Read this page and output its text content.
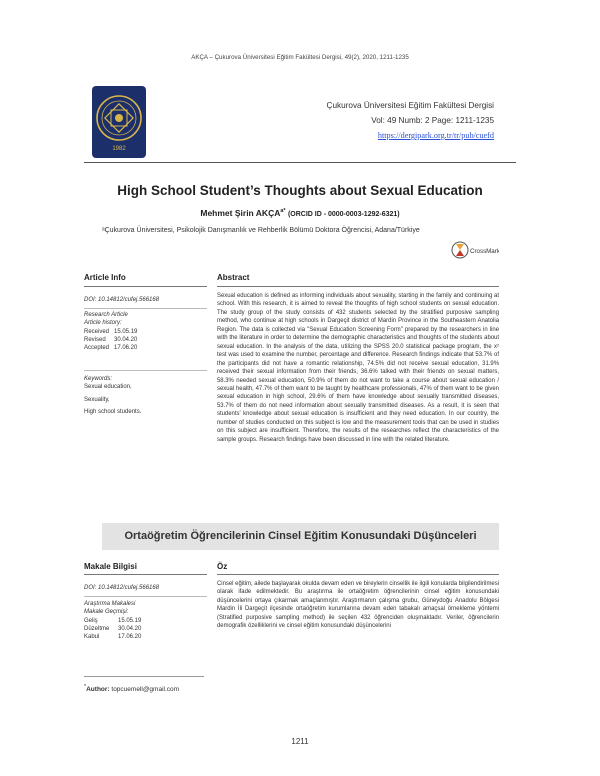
AKÇA – Çukurova Üniversitesi Eğitim Fakültesi Dergisi, 49(2), 2020, 1211-1235
1982
Çukurova Üniversitesi Eğitim Fakültesi Dergisi
Vol: 49 Numb: 2 Page: 1211-1235
https://dergipark.org.tr/tr/pub/cuefd
High School Student’s Thoughts about Sexual Education
Mehmet Şirin $AKÇA^{a*}$ (ORCID ID - 0000-0003-1292-6321)
ᵃÇukurova Üniversitesi, Psikolojik Danışmanlık ve Rehberlik Bölümü Doktora Öğrencisi, Adana/Türkiye
CrossMark
Article Info	Abstract
DOI: 10.14812/cufej.566168
Research Article
Article history:
Received	15.05.19
Revised	30.04.20
Accepted	17.06.20
Keywords:
Sexual education,
Sexuality,
High school students.
Sexual education is defined as informing individuals about sexuality, starting in the family and continuing at school. With this research, it is aimed to reveal the thoughts of high school students on sexual education. The study group of the study consists of 432 students selected by the stratified purposive sampling method, who continue at high schools in Dargeçit district of Mardin Province in the Southeastern Anatolia Region. The data is collected via "Sexual Education Screening Form" prepared by the researchers in line with the literature in order to determine the demographic characteristics and thoughts of the students about sexual education. In the analysis of the data, utilizing the SPSS 20.0 statistical package program, the x² test was used to examine the number, percentage and difference. Research findings indicate that 53.7% of the participants did not have a romantic relationship, 74.5% did not receive sexual education, 31.9% received their sexual information from their friends, 36.6% talked with their friends on sexual matters, 58.3% needed sexual education, 50.9% of them do not want to take a course about sexual education / sexual health, 47.7% of them want to be taught by healthcare professionals, 47% of them want to be given sexual education in high school, 29.6% of them have knowledge about sexually transmitted diseases, 53.7% of them do not need information about sexually transmitted diseases. As a result, it is seen that students' knowledge about sexual education is insufficient and they need education. In our country, the number of studies conducted on this subject is low and the measurement tools that can be used in studies on this subject are insufficient. Therefore, the results of the researches reflect the characteristics of the sample groups. Research findings have been discussed in line with the related literature.
Ortaöğretim Öğrencilerinin Cinsel Eğitim Konusundaki Düşünceleri
Makale Bilgisi	Öz
DOI: 10.14812/cufej.566168
Araştırma Makalesi
Makale Geçmişi:
Geliş	15.05.19
Düzeltme	30.04.20
Kabul	17.06.20
Cinsel eğitim, ailede başlayarak okulda devam eden ve bireylerin cinsellik ile ilgili konularda bilgilendirilmesi olarak ifade edilmektedir. Bu araştırma ile ortaöğretim öğrencilerinin cinsel eğitim konusundaki düşüncelerini ortaya çıkarmak amaçlanmıştır. Araştırmanın çalışma grubu, Güneydoğu Anadolu Bölgesi Mardin İli Dargeçit ilçesinde ortaöğretim kurumlarına devam eden tabakalı amaçsal örnekleme yöntemi (Stratified purposive sampling method) ile seçilen 432 öğrenciden oluşmaktadır. Veriler, öğrencilerin demografik özelliklerini ve cinsel eğitim konusundaki düşüncelerini
*Author: topcuemell@gmail.com
1211
